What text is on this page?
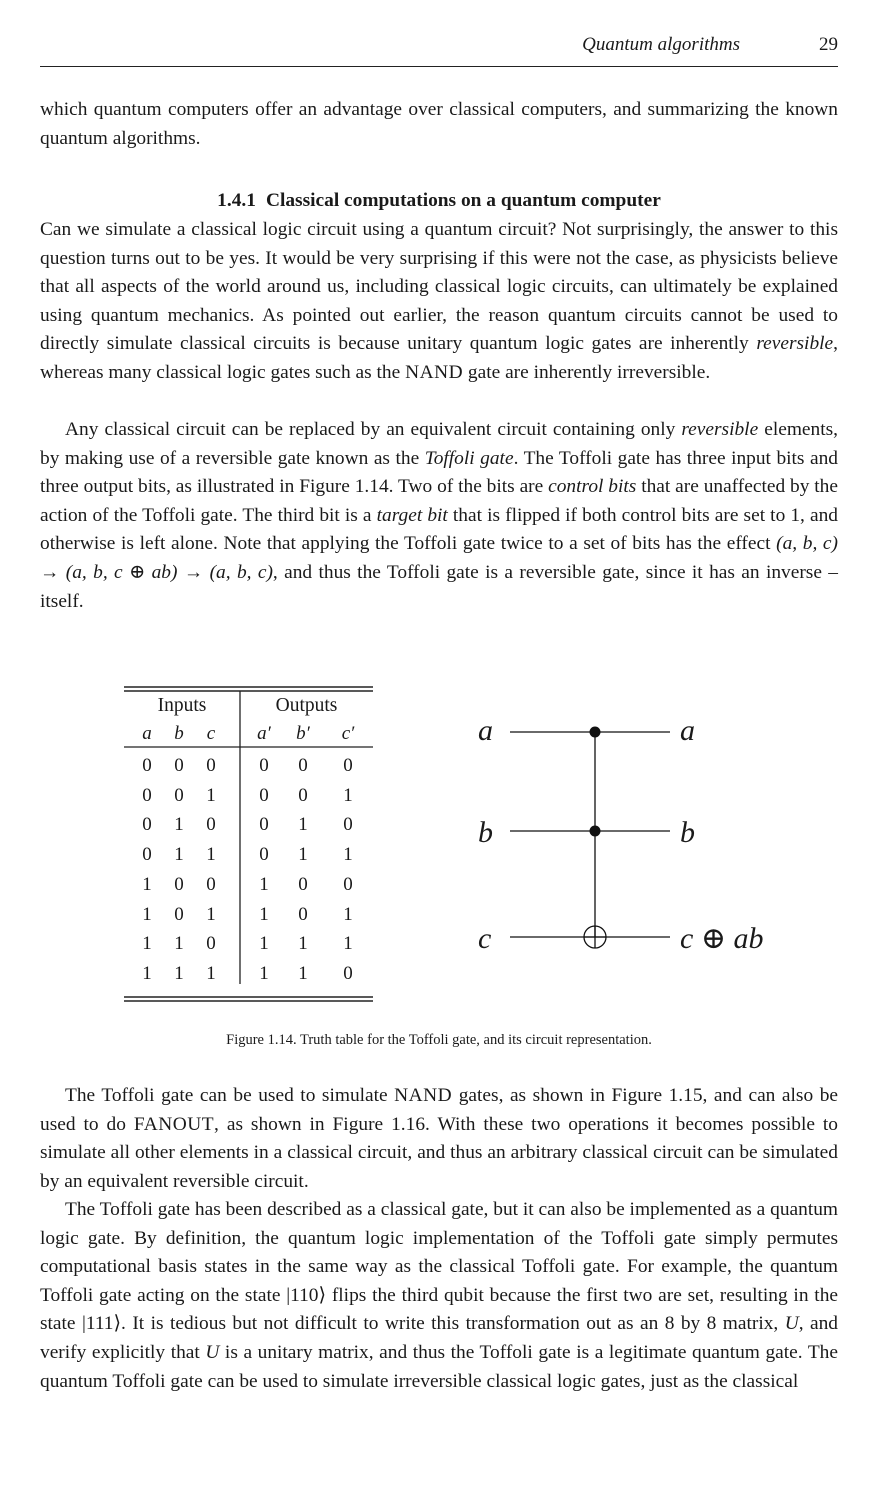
Quantum algorithms	29

which quantum computers offer an advantage over classical computers, and summarizing the known quantum algorithms.

1.4.1 Classical computations on a quantum computer

Can we simulate a classical logic circuit using a quantum circuit? Not surprisingly, the answer to this question turns out to be yes. It would be very surprising if this were not the case, as physicists believe that all aspects of the world around us, including classical logic circuits, can ultimately be explained using quantum mechanics. As pointed out earlier, the reason quantum circuits cannot be used to directly simulate classical circuits is because unitary quantum logic gates are inherently reversible, whereas many classical logic gates such as the NAND gate are inherently irreversible.

Any classical circuit can be replaced by an equivalent circuit containing only reversible elements, by making use of a reversible gate known as the Toffoli gate. The Toffoli gate has three input bits and three output bits, as illustrated in Figure 1.14. Two of the bits are control bits that are unaffected by the action of the Toffoli gate. The third bit is a target bit that is flipped if both control bits are set to 1, and otherwise is left alone. Note that applying the Toffoli gate twice to a set of bits has the effect (a, b, c) → (a, b, c ⊕ ab) → (a, b, c), and thus the Toffoli gate is a reversible gate, since it has an inverse – itself.

Inputs	Outputs
a	b	c	a′	b′	c′
0	0	0	0	0	0
0	0	1	0	0	1
0	1	0	0	1	0
0	1	1	0	1	1
1	0	0	1	0	0
1	0	1	1	0	1
1	1	0	1	1	1
1	1	1	1	1	0
a
b
c
a
b
c ⊕ ab
Figure 1.14. Truth table for the Toffoli gate, and its circuit representation.

The Toffoli gate can be used to simulate NAND gates, as shown in Figure 1.15, and can also be used to do FANOUT, as shown in Figure 1.16. With these two operations it becomes possible to simulate all other elements in a classical circuit, and thus an arbitrary classical circuit can be simulated by an equivalent reversible circuit.

The Toffoli gate has been described as a classical gate, but it can also be implemented as a quantum logic gate. By definition, the quantum logic implementation of the Toffoli gate simply permutes computational basis states in the same way as the classical Toffoli gate. For example, the quantum Toffoli gate acting on the state |110⟩ flips the third qubit because the first two are set, resulting in the state |111⟩. It is tedious but not difficult to write this transformation out as an 8 by 8 matrix, U, and verify explicitly that U is a unitary matrix, and thus the Toffoli gate is a legitimate quantum gate. The quantum Toffoli gate can be used to simulate irreversible classical logic gates, just as the classical
